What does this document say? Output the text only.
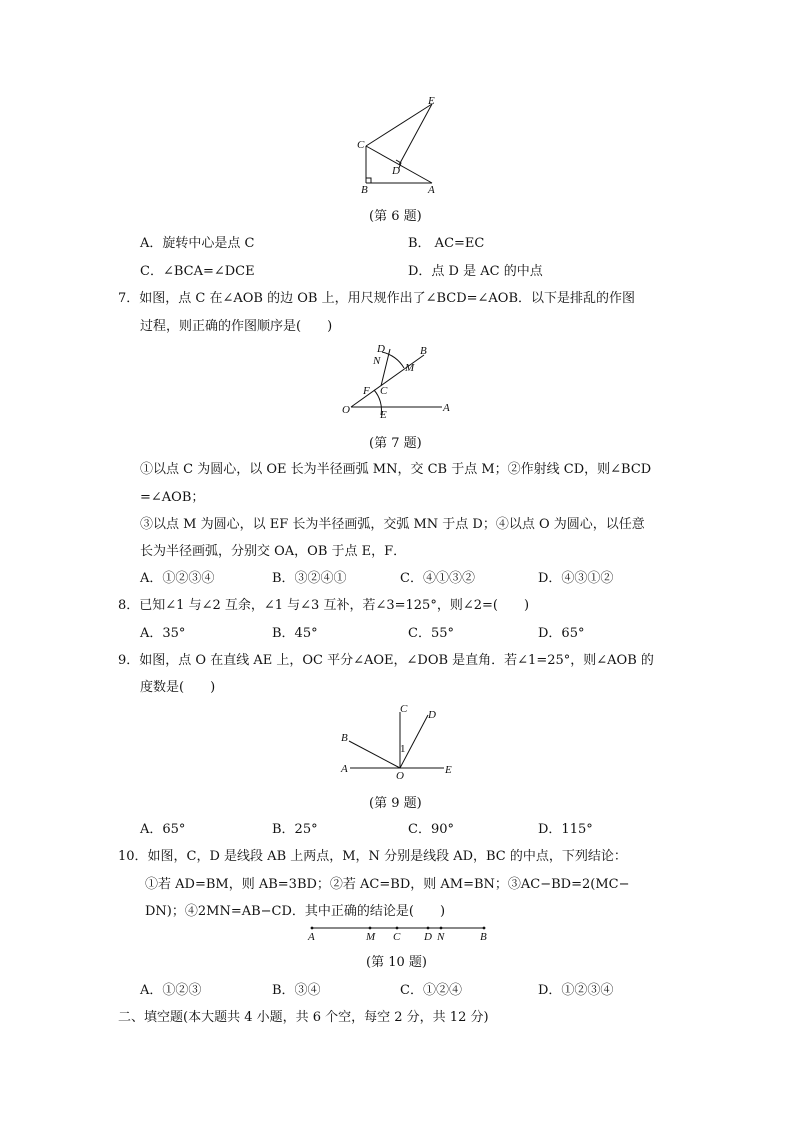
E
C
D
B	A
(第 6 题)
A．旋转中心是点 C	B． AC=EC
C．∠BCA=∠DCE	D．点 D 是 AC 的中点
7．如图，点 C 在∠AOB 的边 OB 上，用尺规作出了∠BCD=∠AOB．以下是排乱的作图
过程，则正确的作图顺序是(　　)
D
N
B
M
F C
O	E
A
(第 7 题)
①以点 C 为圆心，以 OE 长为半径画弧 MN，交 CB 于点 M；②作射线 CD，则∠BCD
=∠AOB；
③以点 M 为圆心，以 EF 长为半径画弧，交弧 MN 于点 D；④以点 O 为圆心，以任意
长为半径画弧，分别交 OA，OB 于点 E，F．
A．①②③④	B．③②④①	C．④①③②	D．④③①②
8．已知∠1 与∠2 互余，∠1 与∠3 互补，若∠3=125°，则∠2=(　　)
A．35°	B．45°	C．55°	D．65°
9．如图，点 O 在直线 AE 上，OC 平分∠AOE，∠DOB 是直角．若∠1=25°，则∠AOB 的
度数是(　　)
C D
B
1
A
O	E
(第 9 题)
A．65°	B．25°	C．90°	D．115°
10．如图，C，D 是线段 AB 上两点，M，N 分别是线段 AD，BC 的中点，下列结论：
①若 AD=BM，则 AB=3BD；②若 AC=BD，则 AM=BN；③AC−BD=2(MC−
DN)；④2MN=AB−CD．其中正确的结论是(　　)
A	M C D N	B
(第 10 题)
A．①②③	B．③④	C．①②④	D．①②③④
二、填空题(本大题共 4 小题，共 6 个空，每空 2 分，共 12 分)
